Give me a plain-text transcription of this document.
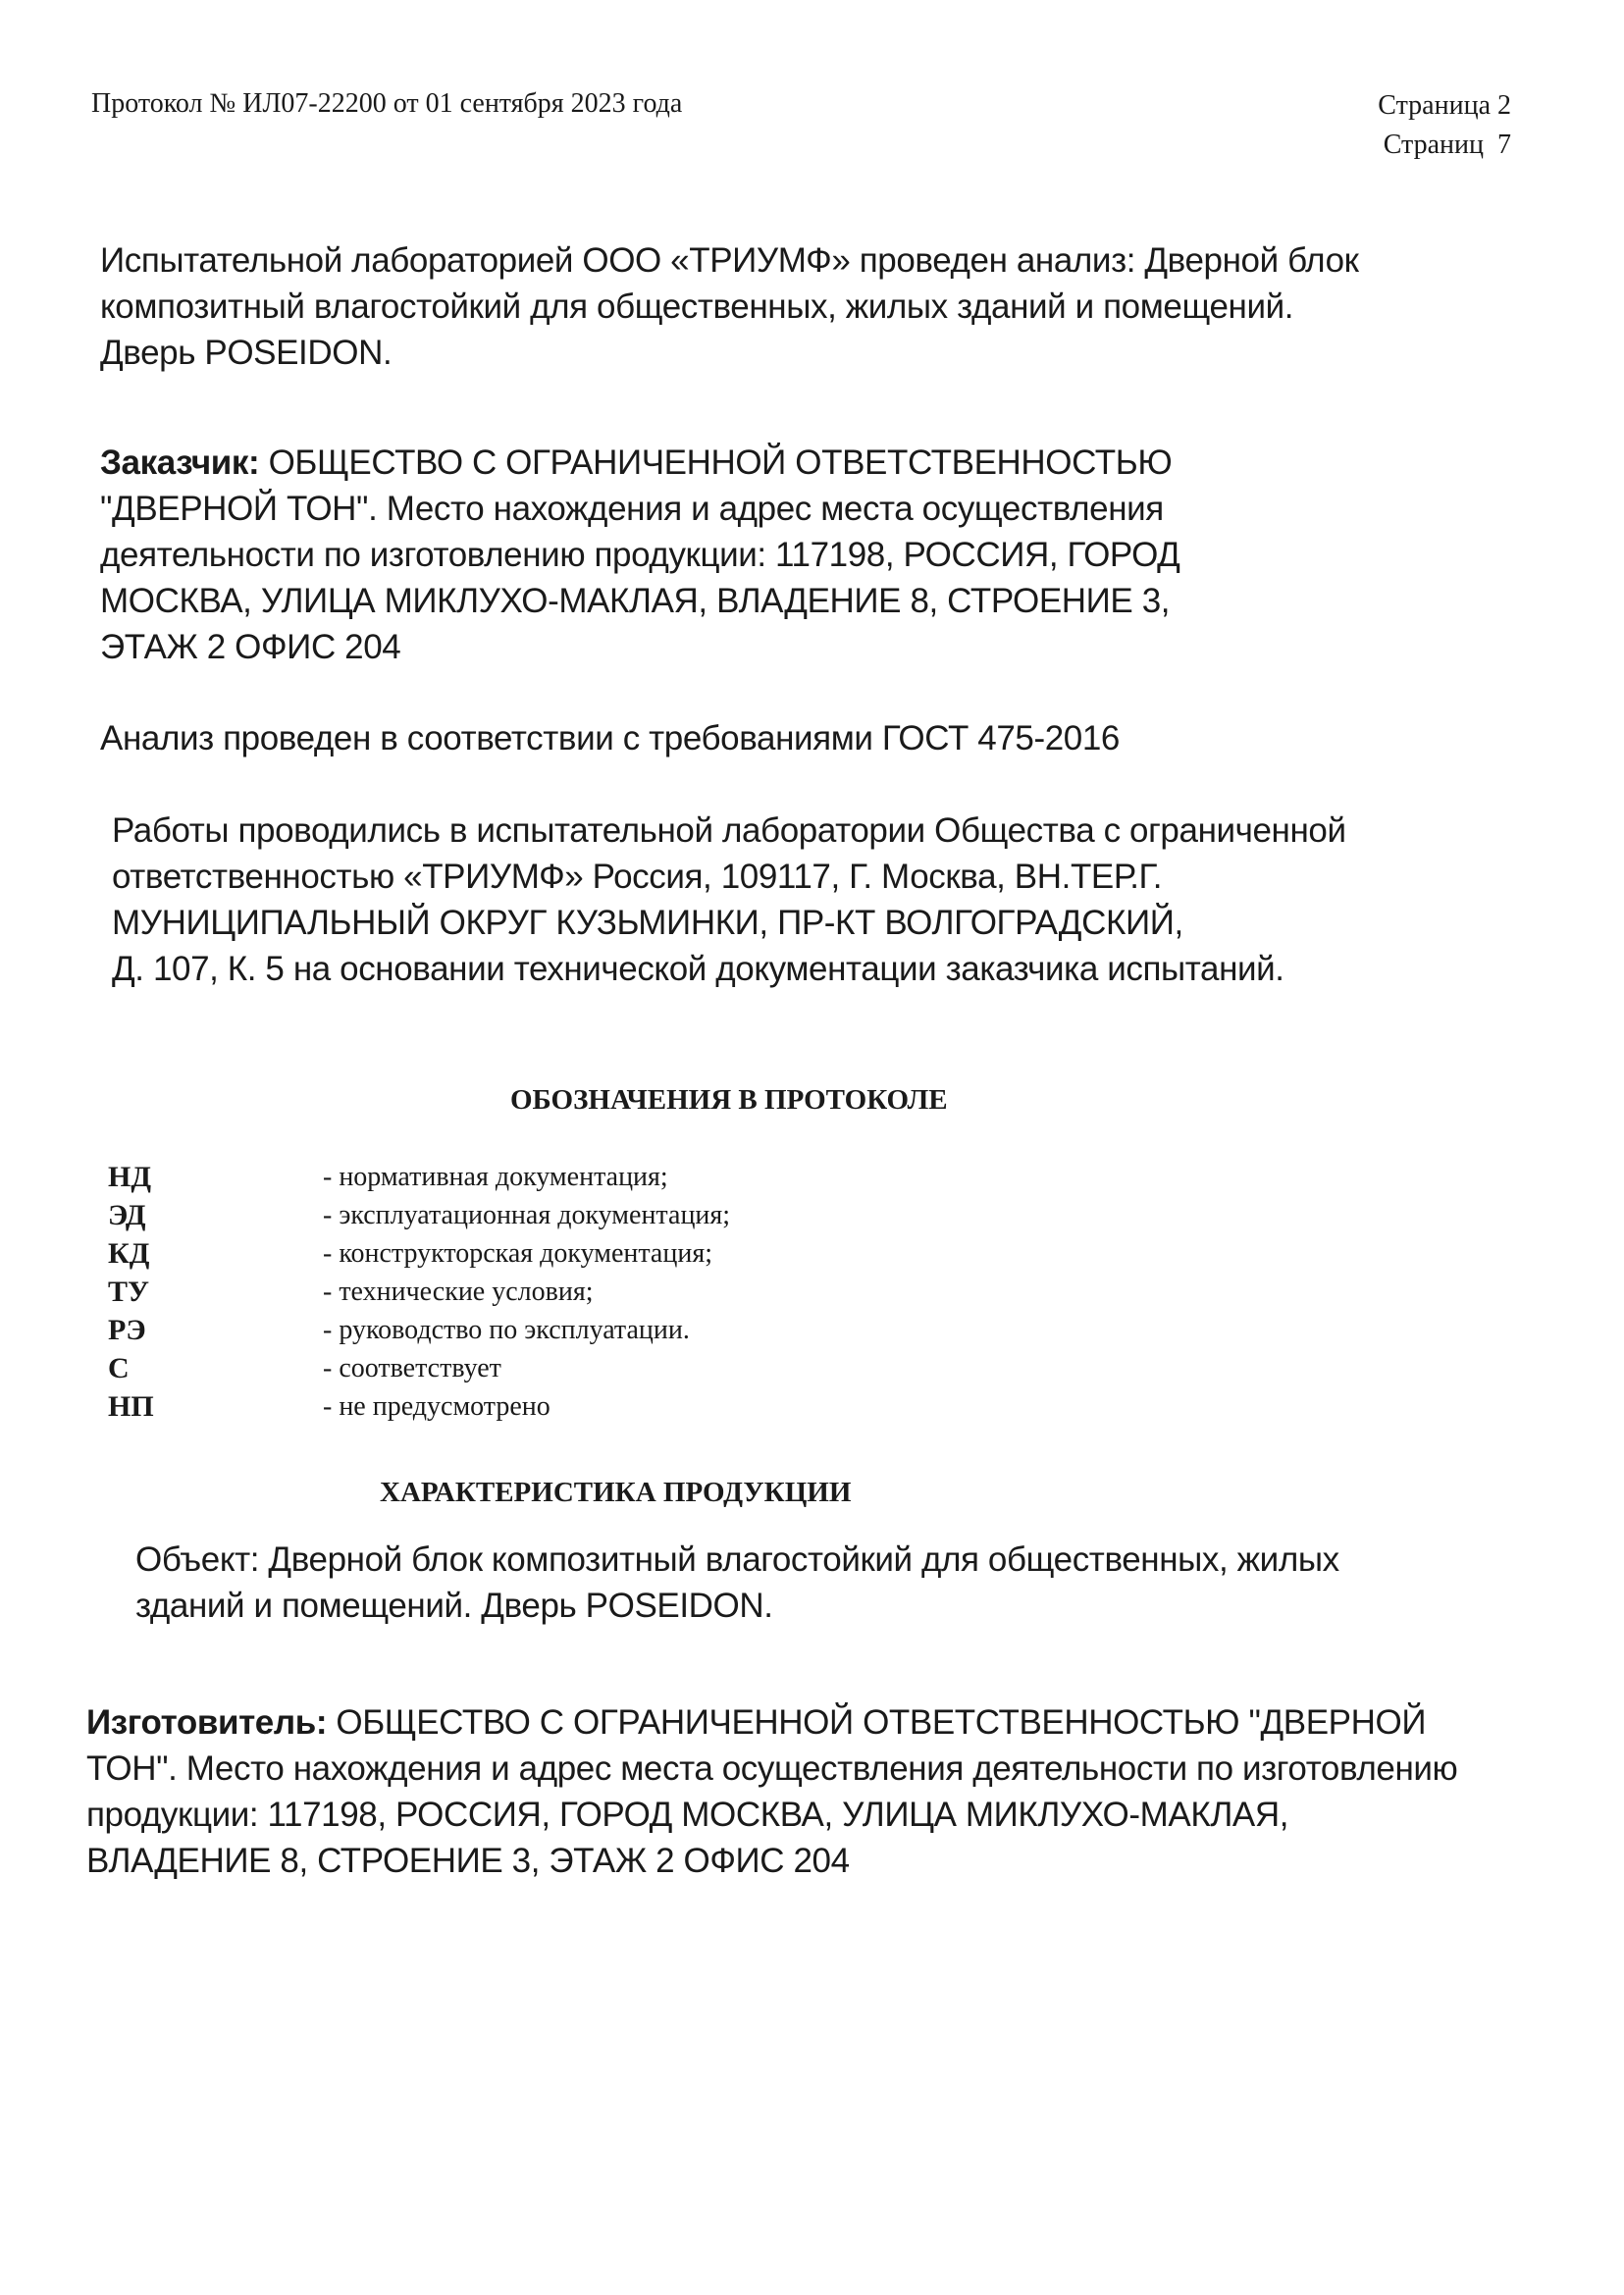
Протокол № ИЛ07-22200 от 01 сентября 2023 года	Страница 2
Страниц  7
Испытательной лабораторией ООО «ТРИУМФ» проведен анализ: Дверной блок
композитный влагостойкий для общественных, жилых зданий и помещений.
Дверь POSEIDON.
Заказчик: ОБЩЕСТВО С ОГРАНИЧЕННОЙ ОТВЕТСТВЕННОСТЬЮ
"ДВЕРНОЙ ТОН". Место нахождения и адрес места осуществления
деятельности по изготовлению продукции: 117198, РОССИЯ, ГОРОД
МОСКВА, УЛИЦА МИКЛУХО-МАКЛАЯ, ВЛАДЕНИЕ 8, СТРОЕНИЕ 3,
ЭТАЖ 2 ОФИС 204
Анализ проведен в соответствии с требованиями ГОСТ 475-2016
Работы проводились в испытательной лаборатории Общества с ограниченной
ответственностью «ТРИУМФ» Россия, 109117, Г. Москва, ВН.ТЕР.Г.
МУНИЦИПАЛЬНЫЙ ОКРУГ КУЗЬМИНКИ, ПР-КТ ВОЛГОГРАДСКИЙ,
Д. 107, К. 5 на основании технической документации заказчика испытаний.
ОБОЗНАЧЕНИЯ В ПРОТОКОЛЕ
НД	- нормативная документация;
ЭД	- эксплуатационная документация;
КД	- конструкторская документация;
ТУ	- технические условия;
РЭ	- руководство по эксплуатации.
С	- соответствует
НП	- не предусмотрено
ХАРАКТЕРИСТИКА ПРОДУКЦИИ
Объект: Дверной блок композитный влагостойкий для общественных, жилых
зданий и помещений. Дверь POSEIDON.
Изготовитель: ОБЩЕСТВО С ОГРАНИЧЕННОЙ ОТВЕТСТВЕННОСТЬЮ "ДВЕРНОЙ
ТОН". Место нахождения и адрес места осуществления деятельности по изготовлению
продукции: 117198, РОССИЯ, ГОРОД МОСКВА, УЛИЦА МИКЛУХО-МАКЛАЯ,
ВЛАДЕНИЕ 8, СТРОЕНИЕ 3, ЭТАЖ 2 ОФИС 204
